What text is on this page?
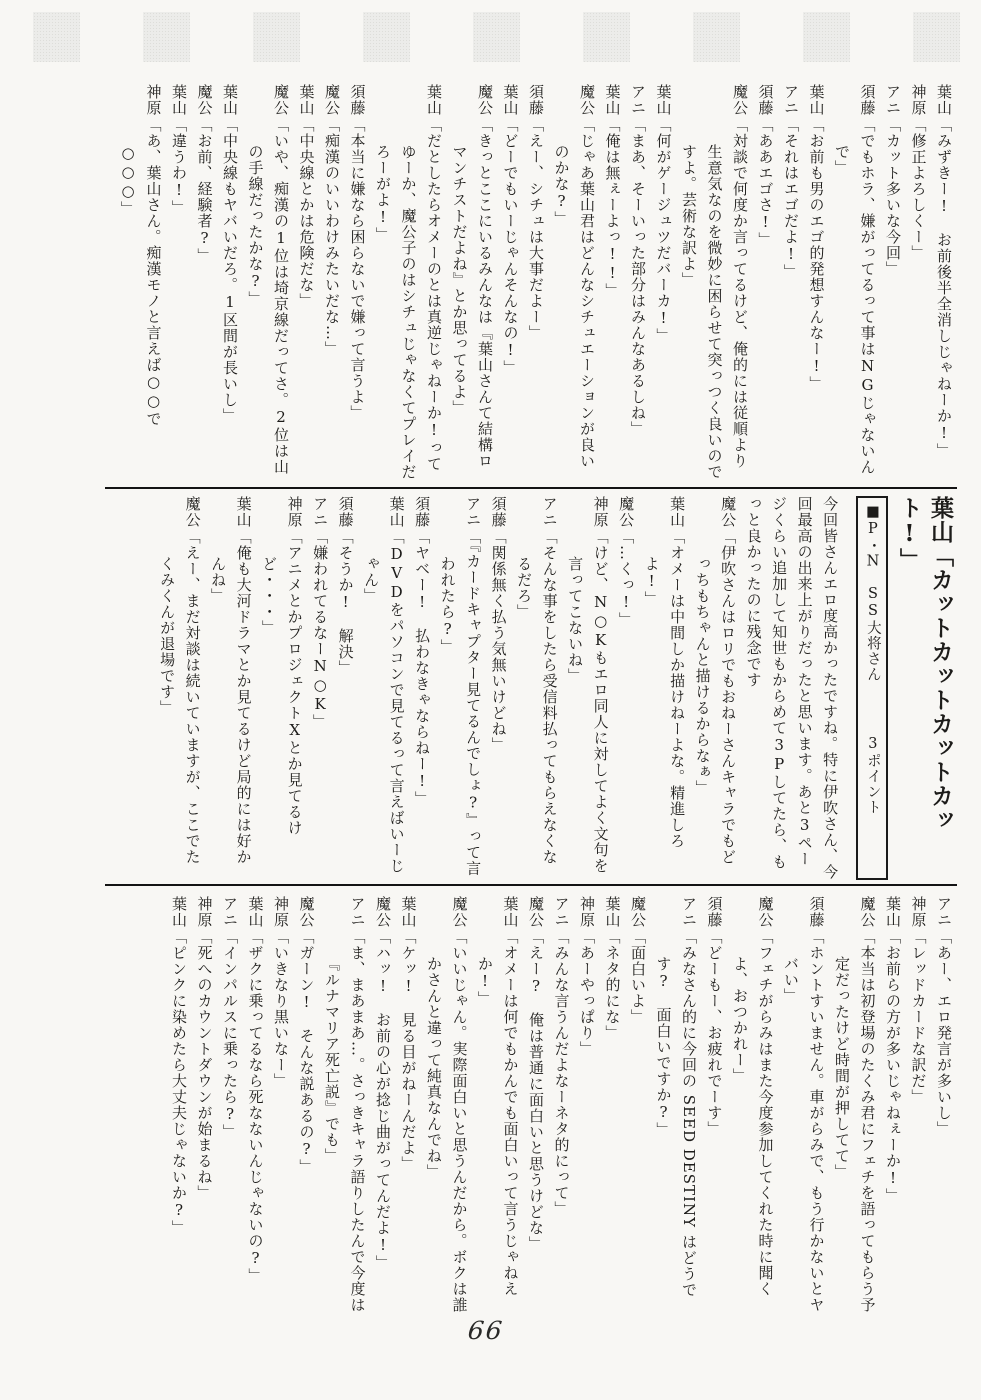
葉山「みずきー!　お前後半全消しじゃねーか!」
神原「修正よろしくー」
アニ「カット多いな今回」
須藤「でもホラ、嫌がってるって事はNGじゃないんで」
葉山「お前も男のエゴ的発想すんなー!」
アニ「それはエゴだよ!」
須藤「ああエゴさ!」
魔公「対談で何度か言ってるけど、俺的には従順より生意気なのを微妙に困らせて突っつく良いのですよ。芸術な訳よ」
葉山「何がゲージュツだバーカ!」
アニ「まあ、そーいった部分はみんなあるしね」
葉山「俺は無ぇーよっ!!」
魔公「じゃあ葉山君はどんなシチュエーションが良いのかな?」
須藤「えー、シチュは大事だよー」
葉山「どーでもいーじゃんそんなの!」
魔公「きっとここにいるみんなは『葉山さんて結構ロマンチストだよね』とか思ってるよ」
葉山「だとしたらオメーのとは真逆じゃねーか!ってゆーか、魔公子のはシチュじゃなくてプレイだろーがよ!」
須藤「本当に嫌なら困らないで嫌って言うよ」
魔公「痴漢のいいわけみたいだな…」
葉山「中央線とかは危険だな」
魔公「いや、痴漢の1位は埼京線だってさ。2位は山の手線だったかな?」
葉山「中央線もヤバいだろ。1区間が長いし」
魔公「お前、経験者?」
葉山「違うわ!」
神原「あ、葉山さん。痴漢モノと言えば○○で○○○」
葉山「カットカットカットカット!」
■P・N　SS大将さん 3ポイント
今回皆さんエロ度高かったですね。特に伊吹さん、今回最高の出来上がりだったと思います。あと3ページくらい追加して知世もからめて3Pしてたら、もっと良かったのに残念です
魔公「伊吹さんはロリでもおねーさんキャラでもどっちもちゃんと描けるからなぁ」
葉山「オメーは中間しか描けねーよな。精進しろよ!」
魔公「…くっ!」
神原「けど、N○Kもエロ同人に対してよく文句を言ってこないね」
アニ「そんな事をしたら受信料払ってもらえなくなるだろ」
須藤「関係無く払う気無いけどね」
アニ「『カードキャプター見てるんでしょ?』って言われたら?」
須藤「ヤベー!　払わなきゃならねー!」
葉山「DVDをパソコンで見てるって言えばいーじゃん」
須藤「そうか!　解決」
アニ「嫌われてるなーN○K」
神原「アニメとかプロジェクトXとか見てるけど・・・」
葉山「俺も大河ドラマとか見てるけど局的には好かんね」
魔公「えー、まだ対談は続いていますが、ここでたくみくんが退場です」
アニ「あー、エロ発言が多いし」
神原「レッドカードな訳だ」
葉山「お前らの方が多いじゃねぇーか!」
魔公「本当は初登場のたくみ君にフェチを語ってもらう予定だったけど時間が押してて」
須藤「ホントすいません。車がらみで、もう行かないとヤバい」
魔公「フェチがらみはまた今度参加してくれた時に聞くよ、おつかれー」
須藤「どーもー、お疲れでーす」
アニ「みなさん的に今回の SEED DESTINY はどうです?　面白いですか?」
魔公「面白いよ」
葉山「ネタ的にな」
神原「あーやっぱり」
アニ「みんな言うんだよなーネタ的にって」
魔公「えー?　俺は普通に面白いと思うけどな」
葉山「オメーは何でもかんでも面白いって言うじゃねえか!」
魔公「いいじゃん。実際面白いと思うんだから。ボクは誰かさんと違って純真なんでね」
葉山「ケッ!　見る目がねーんだよ」
魔公「ハッ!　お前の心が捻じ曲がってんだよ!」
アニ「ま、まあまあ…。さっきキャラ語りしたんで今度は『ルナマリア死亡説』でも」
魔公「ガーン!　そんな説あるの?」
神原「いきなり黒いなー」
葉山「ザクに乗ってるなら死なないんじゃないの?」
アニ「インパルスに乗ったら?」
神原「死へのカウントダウンが始まるね」
葉山「ピンクに染めたら大丈夫じゃないか?」
66
